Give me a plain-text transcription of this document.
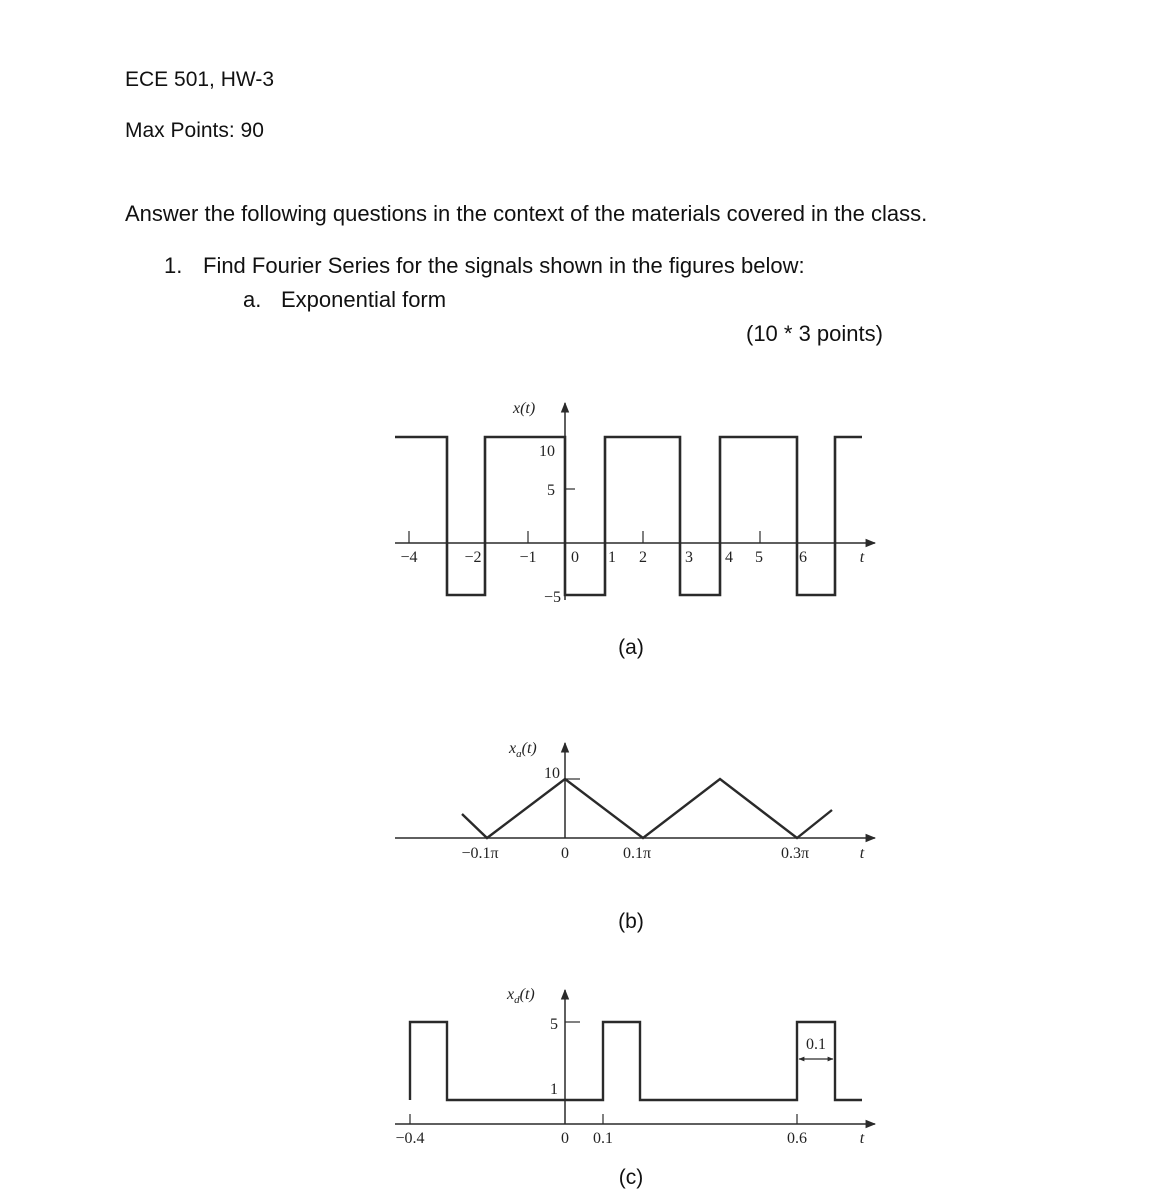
ECE 501, HW-3
Max Points: 90
Answer the following questions in the context of the materials covered in the class.
1. Find Fourier Series for the signals shown in the figures below:
a. Exponential form
(10 * 3 points)
x(t)
10
5
−5
−4	−2 −1 0 1 2 3 4 5 6	t
(a)
$x_a(t)$
10
−0.1π	0	0.1π	0.3π	t
(b)
0.1
$x_d(t)$
5
1
−0.4	0 0.1	0.6	t
(c)
